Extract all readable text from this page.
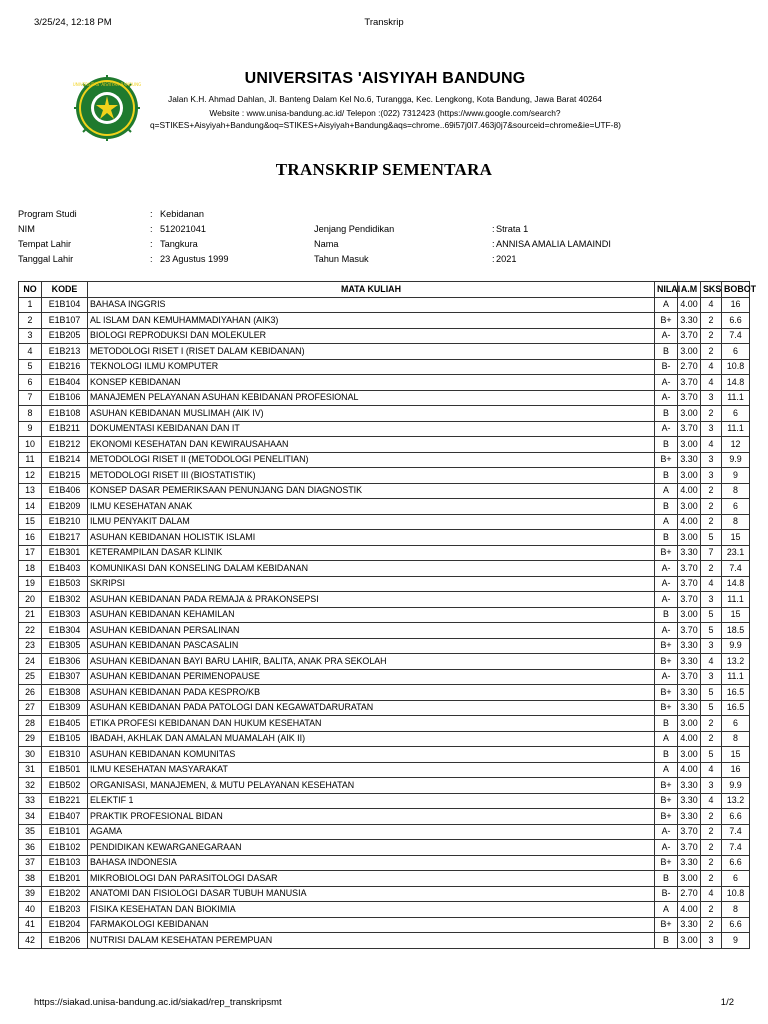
3/25/24, 12:18 PM	Transkrip
UNIVERSITAS 'AISYIYAH BANDUNG	UNIVERSITAS 'AISYIYAH BANDUNG
Jalan K.H. Ahmad Dahlan, Jl. Banteng Dalam Kel No.6, Turangga, Kec. Lengkong, Kota Bandung, Jawa Barat 40264
Website : www.unisa-bandung.ac.id/ Telepon :(022) 7312423 (https://www.google.com/search?
q=STIKES+Aisyiyah+Bandung&oq=STIKES+Aisyiyah+Bandung&aqs=chrome..69i57j0l7.463j0j7&sourceid=chrome&ie=UTF-8)
TRANSKRIP SEMENTARA
Program Studi	: Kebidanan
NIM	: 512021041	Jenjang Pendidikan	: Strata 1
Tempat Lahir	: Tangkura	Nama	: ANNISA AMALIA LAMAINDI
Tanggal Lahir	: 23 Agustus 1999	Tahun Masuk	: 2021
NO	KODE	MATA KULIAH	NILAI	A.M	SKS	BOBOT
1	E1B104	BAHASA INGGRIS	A	4.00	4	16
2	E1B107	AL ISLAM DAN KEMUHAMMADIYAHAN (AIK3)	B+	3.30	2	6.6
3	E1B205	BIOLOGI REPRODUKSI DAN MOLEKULER	A-	3.70	2	7.4
4	E1B213	METODOLOGI RISET I (RISET DALAM KEBIDANAN)	B	3.00	2	6
5	E1B216	TEKNOLOGI ILMU KOMPUTER	B-	2.70	4	10.8
6	E1B404	KONSEP KEBIDANAN	A-	3.70	4	14.8
7	E1B106	MANAJEMEN PELAYANAN ASUHAN KEBIDANAN PROFESIONAL	A-	3.70	3	11.1
8	E1B108	ASUHAN KEBIDANAN MUSLIMAH (AIK IV)	B	3.00	2	6
9	E1B211	DOKUMENTASI KEBIDANAN DAN IT	A-	3.70	3	11.1
10	E1B212	EKONOMI KESEHATAN DAN KEWIRAUSAHAAN	B	3.00	4	12
11	E1B214	METODOLOGI RISET II (METODOLOGI PENELITIAN)	B+	3.30	3	9.9
12	E1B215	METODOLOGI RISET III (BIOSTATISTIK)	B	3.00	3	9
13	E1B406	KONSEP DASAR PEMERIKSAAN PENUNJANG DAN DIAGNOSTIK	A	4.00	2	8
14	E1B209	ILMU KESEHATAN ANAK	B	3.00	2	6
15	E1B210	ILMU PENYAKIT DALAM	A	4.00	2	8
16	E1B217	ASUHAN KEBIDANAN HOLISTIK ISLAMI	B	3.00	5	15
17	E1B301	KETERAMPILAN DASAR KLINIK	B+	3.30	7	23.1
18	E1B403	KOMUNIKASI DAN KONSELING DALAM KEBIDANAN	A-	3.70	2	7.4
19	E1B503	SKRIPSI	A-	3.70	4	14.8
20	E1B302	ASUHAN KEBIDANAN PADA REMAJA & PRAKONSEPSI	A-	3.70	3	11.1
21	E1B303	ASUHAN KEBIDANAN KEHAMILAN	B	3.00	5	15
22	E1B304	ASUHAN KEBIDANAN PERSALINAN	A-	3.70	5	18.5
23	E1B305	ASUHAN KEBIDANAN PASCASALIN	B+	3.30	3	9.9
24	E1B306	ASUHAN KEBIDANAN BAYI BARU LAHIR, BALITA, ANAK PRA SEKOLAH	B+	3.30	4	13.2
25	E1B307	ASUHAN KEBIDANAN PERIMENOPAUSE	A-	3.70	3	11.1
26	E1B308	ASUHAN KEBIDANAN PADA KESPRO/KB	B+	3.30	5	16.5
27	E1B309	ASUHAN KEBIDANAN PADA PATOLOGI DAN KEGAWATDARURATAN	B+	3.30	5	16.5
28	E1B405	ETIKA PROFESI KEBIDANAN DAN HUKUM KESEHATAN	B	3.00	2	6
29	E1B105	IBADAH, AKHLAK DAN AMALAN MUAMALAH (AIK II)	A	4.00	2	8
30	E1B310	ASUHAN KEBIDANAN KOMUNITAS	B	3.00	5	15
31	E1B501	ILMU KESEHATAN MASYARAKAT	A	4.00	4	16
32	E1B502	ORGANISASI, MANAJEMEN, & MUTU PELAYANAN KESEHATAN	B+	3.30	3	9.9
33	E1B221	ELEKTIF 1	B+	3.30	4	13.2
34	E1B407	PRAKTIK PROFESIONAL BIDAN	B+	3.30	2	6.6
35	E1B101	AGAMA	A-	3.70	2	7.4
36	E1B102	PENDIDIKAN KEWARGANEGARAAN	A-	3.70	2	7.4
37	E1B103	BAHASA INDONESIA	B+	3.30	2	6.6
38	E1B201	MIKROBIOLOGI DAN PARASITOLOGI DASAR	B	3.00	2	6
39	E1B202	ANATOMI DAN FISIOLOGI DASAR TUBUH MANUSIA	B-	2.70	4	10.8
40	E1B203	FISIKA KESEHATAN DAN BIOKIMIA	A	4.00	2	8
41	E1B204	FARMAKOLOGI KEBIDANAN	B+	3.30	2	6.6
42	E1B206	NUTRISI DALAM KESEHATAN PEREMPUAN	B	3.00	3	9
https://siakad.unisa-bandung.ac.id/siakad/rep_transkripsmt	1/2
